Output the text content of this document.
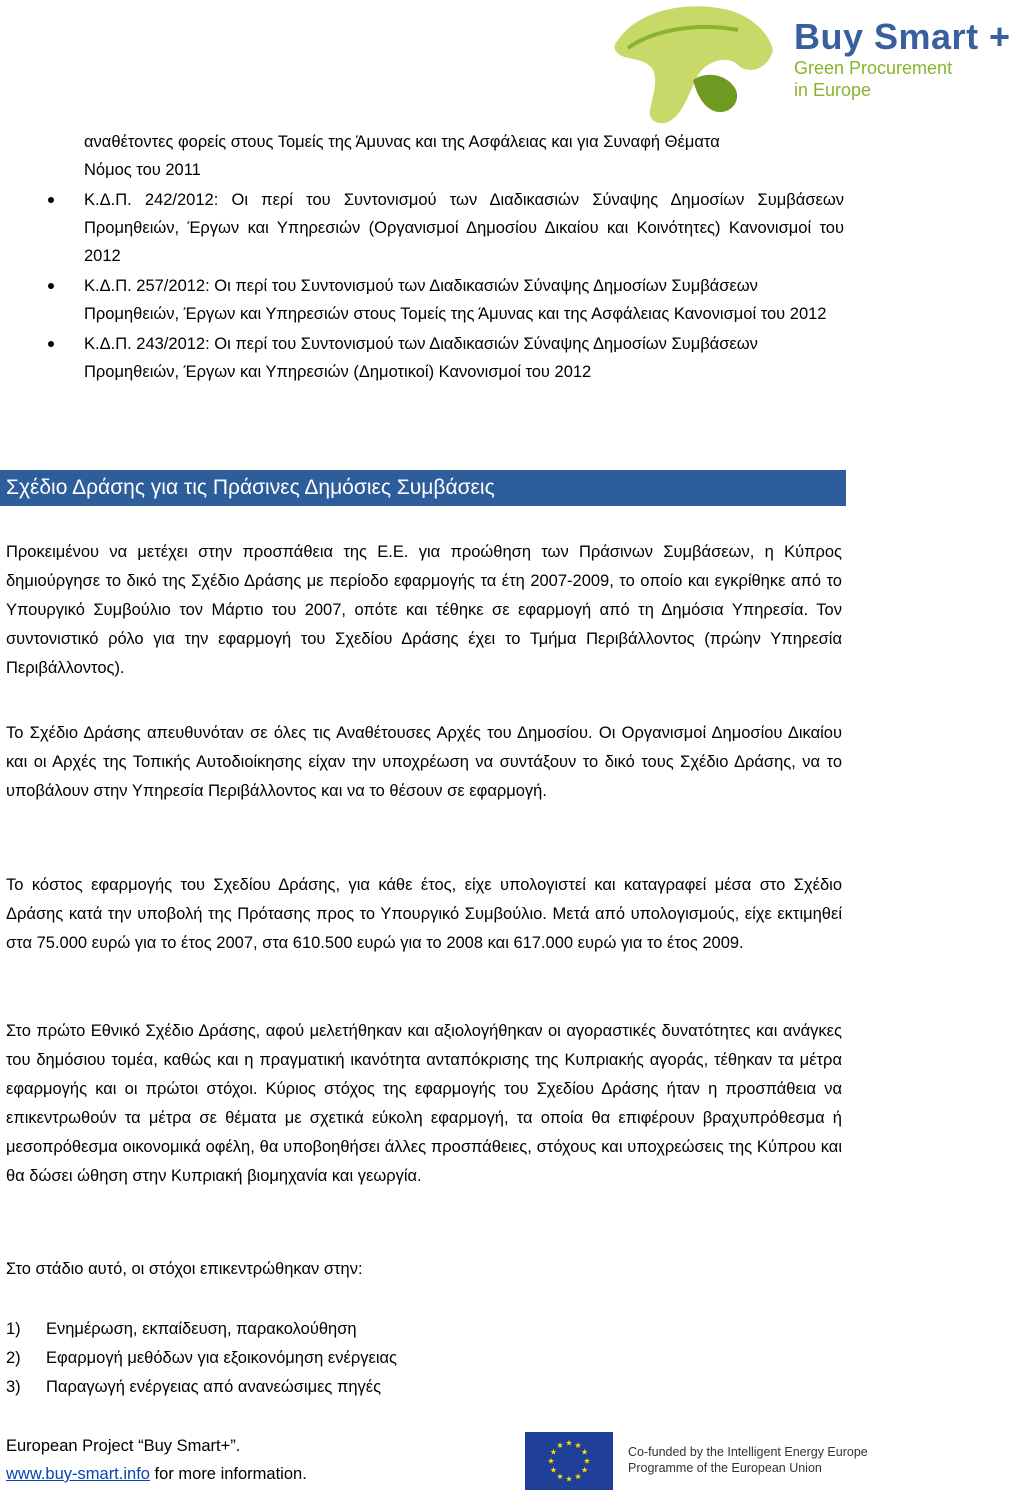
Buy Smart +
Green Procurement
in Europe
αναθέτοντες φορείς στους Τομείς της Άμυνας και της Ασφάλειας και για Συναφή Θέματα
Νόμος του 2011
Κ.Δ.Π. 242/2012: Οι περί του Συντονισμού των Διαδικασιών Σύναψης Δημοσίων Συμβάσεων Προμηθειών, Έργων και Υπηρεσιών (Οργανισμοί Δημοσίου Δικαίου και Κοινότητες) Κανονισμοί του 2012
Κ.Δ.Π. 257/2012: Οι περί του Συντονισμού των Διαδικασιών Σύναψης Δημοσίων Συμβάσεων Προμηθειών, Έργων και Υπηρεσιών στους Τομείς της Άμυνας και της Ασφάλειας Κανονισμοί του 2012
Κ.Δ.Π. 243/2012: Οι περί του Συντονισμού των Διαδικασιών Σύναψης Δημοσίων Συμβάσεων Προμηθειών, Έργων και Υπηρεσιών (Δημοτικοί) Κανονισμοί του 2012
Σχέδιο Δράσης για τις Πράσινες Δημόσιες Συμβάσεις

Προκειμένου να μετέχει στην προσπάθεια της Ε.Ε. για προώθηση των Πράσινων Συμβάσεων, η Κύπρος δημιούργησε το δικό της Σχέδιο Δράσης με περίοδο εφαρμογής τα έτη 2007-2009, το οποίο και εγκρίθηκε από το Υπουργικό Συμβούλιο τον Μάρτιο του 2007, οπότε και τέθηκε σε εφαρμογή από τη Δημόσια Υπηρεσία. Τον συντονιστικό ρόλο για την εφαρμογή του Σχεδίου Δράσης έχει το Τμήμα Περιβάλλοντος (πρώην Υπηρεσία Περιβάλλοντος).

Το Σχέδιο Δράσης απευθυνόταν σε όλες τις Αναθέτουσες Αρχές του Δημοσίου. Οι Οργανισμοί Δημοσίου Δικαίου και οι Αρχές της Τοπικής Αυτοδιοίκησης είχαν την υποχρέωση να συντάξουν το δικό τους Σχέδιο Δράσης, να το υποβάλουν στην Υπηρεσία Περιβάλλοντος και να το θέσουν σε εφαρμογή.

Το κόστος εφαρμογής του Σχεδίου Δράσης, για κάθε έτος, είχε υπολογιστεί και καταγραφεί μέσα στο Σχέδιο Δράσης κατά την υποβολή της Πρότασης προς το Υπουργικό Συμβούλιο. Μετά από υπολογισμούς, είχε εκτιμηθεί στα 75.000 ευρώ για το έτος 2007, στα 610.500 ευρώ για το 2008 και 617.000 ευρώ για το έτος 2009.

Στο πρώτο Εθνικό Σχέδιο Δράσης, αφού μελετήθηκαν και αξιολογήθηκαν οι αγοραστικές δυνατότητες και ανάγκες του δημόσιου τομέα, καθώς και η πραγματική ικανότητα ανταπόκρισης της Κυπριακής αγοράς, τέθηκαν τα μέτρα εφαρμογής και οι πρώτοι στόχοι. Κύριος στόχος της εφαρμογής του Σχεδίου Δράσης ήταν η προσπάθεια να επικεντρωθούν τα μέτρα σε θέματα με σχετικά εύκολη εφαρμογή, τα οποία θα επιφέρουν βραχυπρόθεσμα ή μεσοπρόθεσμα οικονομικά οφέλη, θα υποβοηθήσει άλλες προσπάθειες, στόχους και υποχρεώσεις της Κύπρου και θα δώσει ώθηση στην Κυπριακή βιομηχανία και γεωργία.

Στο στάδιο αυτό, οι στόχοι επικεντρώθηκαν στην:

1) Ενημέρωση, εκπαίδευση, παρακολούθηση
2) Εφαρμογή μεθόδων για εξοικονόμηση ενέργειας
3) Παραγωγή ενέργειας από ανανεώσιμες πηγές
European Project “Buy Smart+”.
www.buy-smart.info for more information.
Co-funded by the Intelligent Energy Europe
Programme of the European Union
